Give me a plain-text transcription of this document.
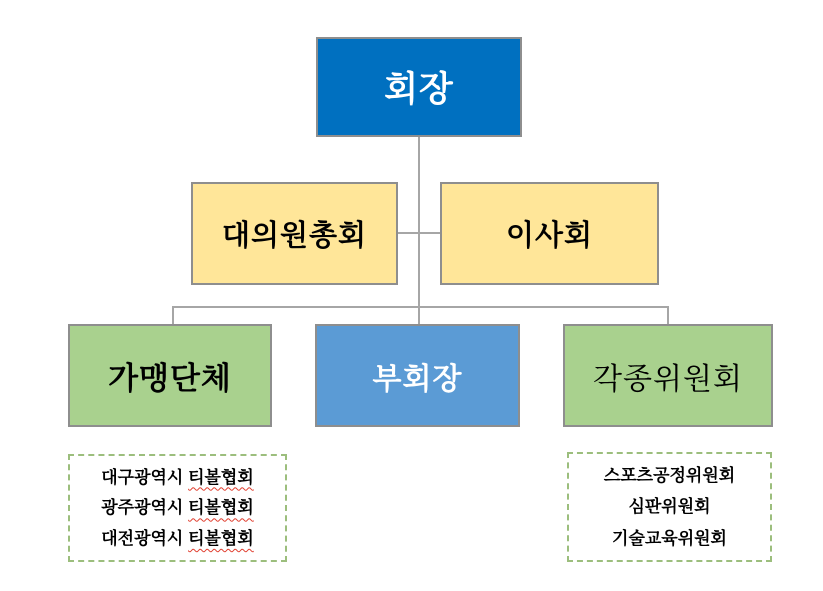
회장
대의원총회	이사회
가맹단체	부회장	각종위원회
대구광역시 티볼협회
광주광역시 티볼협회
대전광역시 티볼협회
스포츠공정위원회
심판위원회
기술교육위원회
